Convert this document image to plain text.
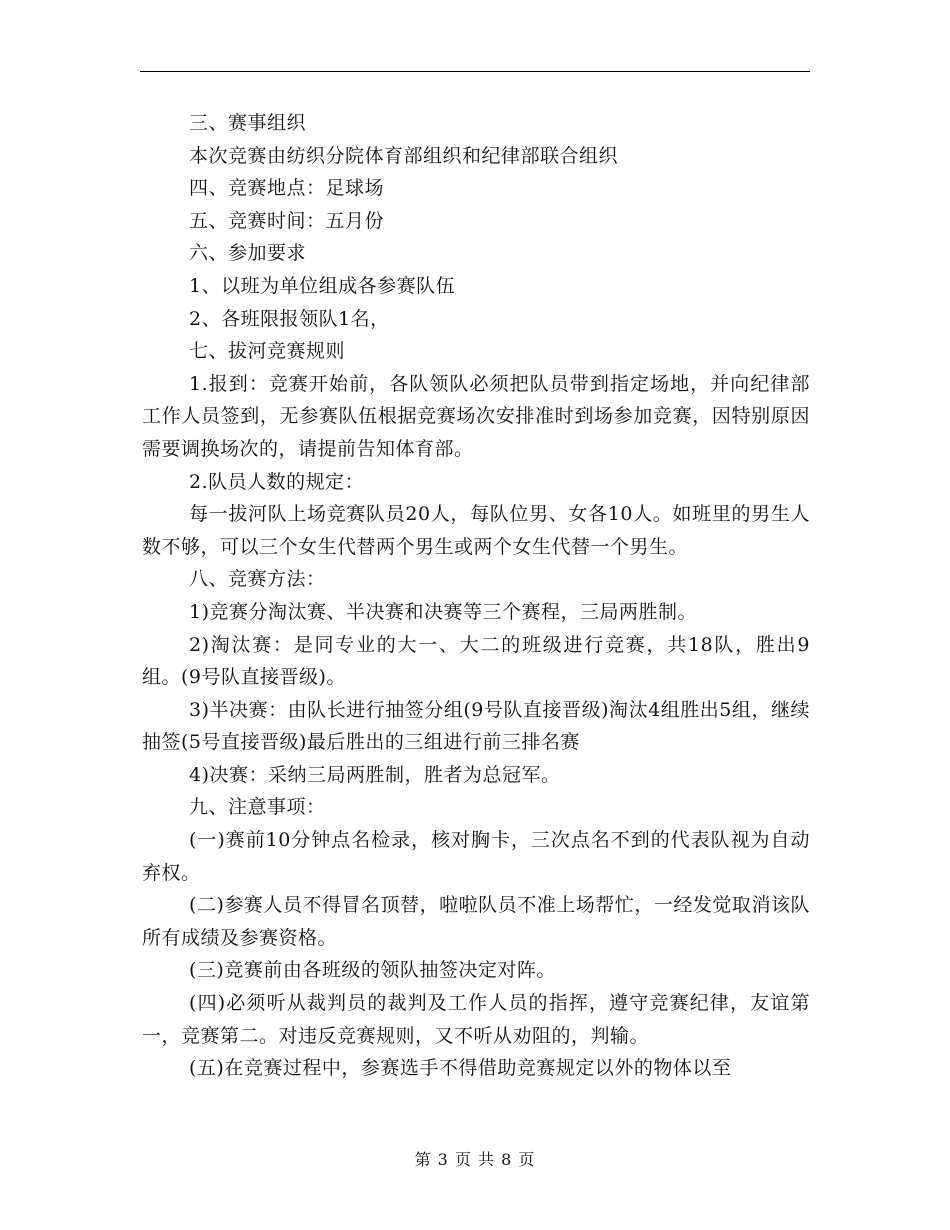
三、赛事组织

本次竞赛由纺织分院体育部组织和纪律部联合组织

四、竞赛地点：足球场

五、竞赛时间：五月份

六、参加要求

1、以班为单位组成各参赛队伍

2、各班限报领队1名，

七、拔河竞赛规则

1.报到：竞赛开始前，各队领队必须把队员带到指定场地，并向纪律部工作人员签到，无参赛队伍根据竞赛场次安排准时到场参加竞赛，因特别原因需要调换场次的，请提前告知体育部。

2.队员人数的规定：

每一拔河队上场竞赛队员20人，每队位男、女各10人。如班里的男生人数不够，可以三个女生代替两个男生或两个女生代替一个男生。

八、竞赛方法：

1)竞赛分淘汰赛、半决赛和决赛等三个赛程，三局两胜制。

2)淘汰赛：是同专业的大一、大二的班级进行竞赛，共18队，胜出9组。(9号队直接晋级)。

3)半决赛：由队长进行抽签分组(9号队直接晋级)淘汰4组胜出5组，继续抽签(5号直接晋级)最后胜出的三组进行前三排名赛

4)决赛：采纳三局两胜制，胜者为总冠军。

九、注意事项：

(一)赛前10分钟点名检录，核对胸卡，三次点名不到的代表队视为自动弃权。

(二)参赛人员不得冒名顶替，啦啦队员不准上场帮忙，一经发觉取消该队所有成绩及参赛资格。

(三)竞赛前由各班级的领队抽签决定对阵。

(四)必须听从裁判员的裁判及工作人员的指挥，遵守竞赛纪律，友谊第一，竞赛第二。对违反竞赛规则，又不听从劝阻的，判输。

(五)在竞赛过程中，参赛选手不得借助竞赛规定以外的物体以至

第 3 页 共 8 页
